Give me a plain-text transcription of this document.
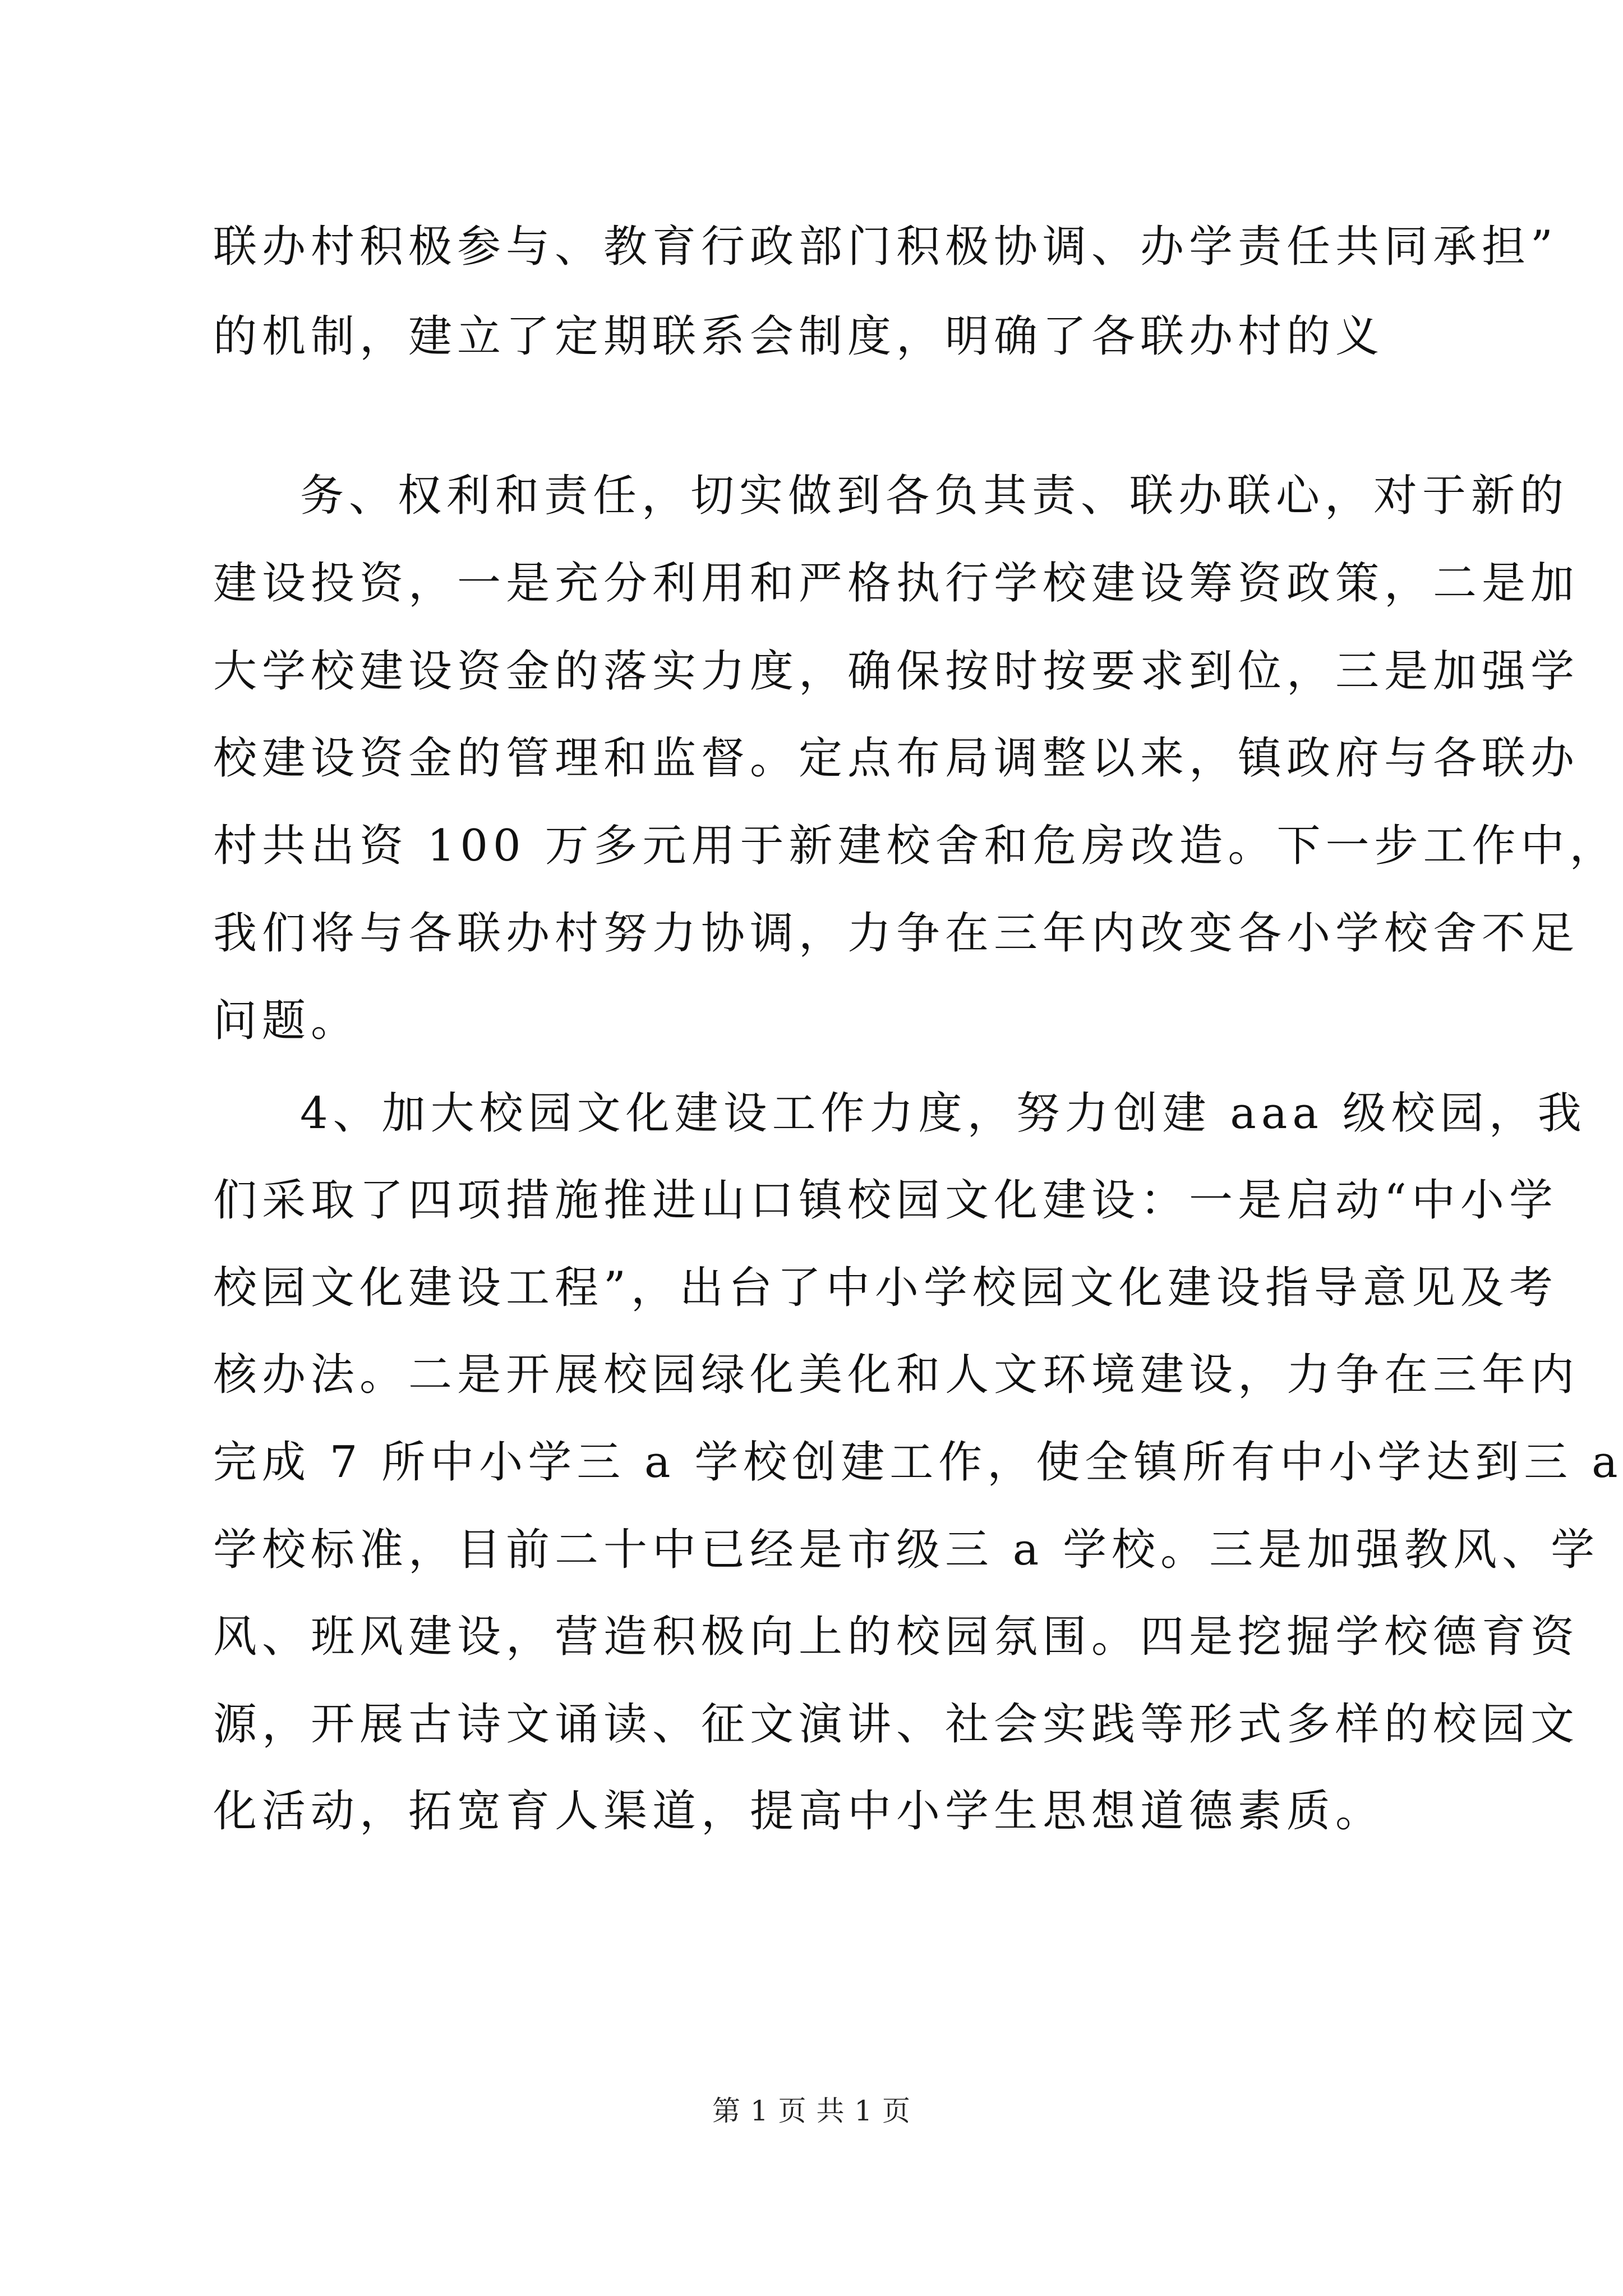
联办村积极参与、教育行政部门积极协调、办学责任共同承担”
的机制，建立了定期联系会制度，明确了各联办村的义
务、权利和责任，切实做到各负其责、联办联心，对于新的
建设投资，一是充分利用和严格执行学校建设筹资政策，二是加
大学校建设资金的落实力度，确保按时按要求到位，三是加强学
校建设资金的管理和监督。定点布局调整以来，镇政府与各联办
村共出资 100 万多元用于新建校舍和危房改造。下一步工作中，
我们将与各联办村努力协调，力争在三年内改变各小学校舍不足
问题。
4、加大校园文化建设工作力度，努力创建 aaa 级校园，我
们采取了四项措施推进山口镇校园文化建设：一是启动“中小学
校园文化建设工程”，出台了中小学校园文化建设指导意见及考
核办法。二是开展校园绿化美化和人文环境建设，力争在三年内
完成 7 所中小学三 a 学校创建工作，使全镇所有中小学达到三 a
学校标准，目前二十中已经是市级三 a 学校。三是加强教风、学
风、班风建设，营造积极向上的校园氛围。四是挖掘学校德育资
源，开展古诗文诵读、征文演讲、社会实践等形式多样的校园文
化活动，拓宽育人渠道，提高中小学生思想道德素质。
第 1 页 共 1 页
